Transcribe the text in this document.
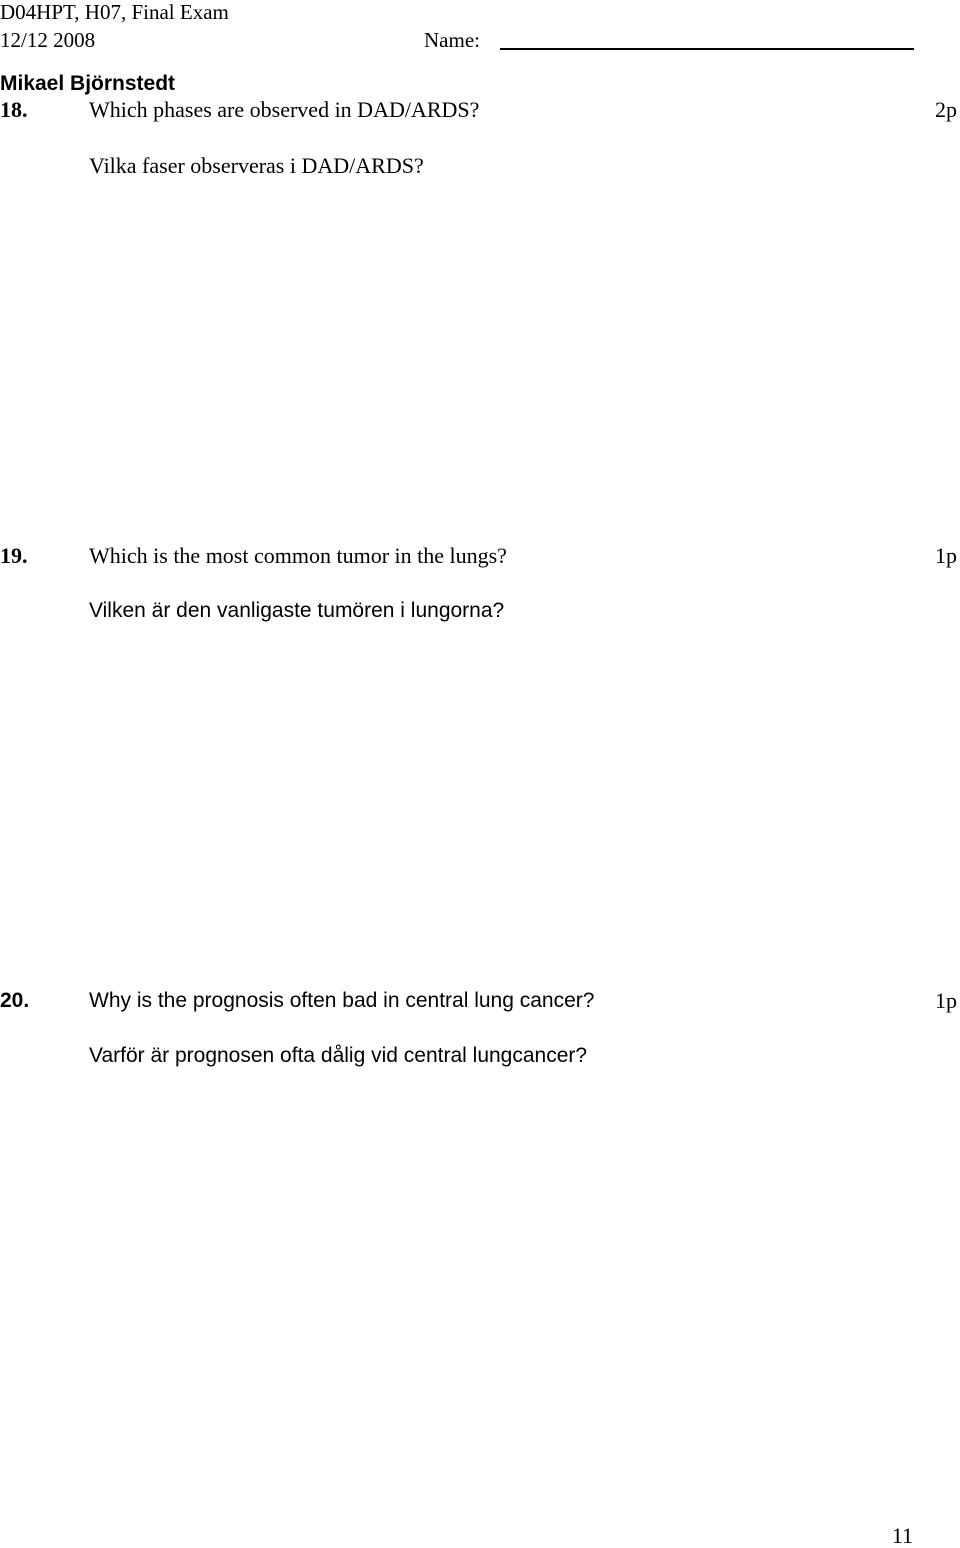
D04HPT, H07, Final Exam
12/12 2008	Name:
Mikael Björnstedt
18.	Which phases are observed in DAD/ARDS?	2p
Vilka faser observeras i DAD/ARDS?
19.	Which is the most common tumor in the lungs?	1p
Vilken är den vanligaste tumören i lungorna?
20.	Why is the prognosis often bad in central lung cancer?	1p
Varför är prognosen ofta dålig vid central lungcancer?
11
